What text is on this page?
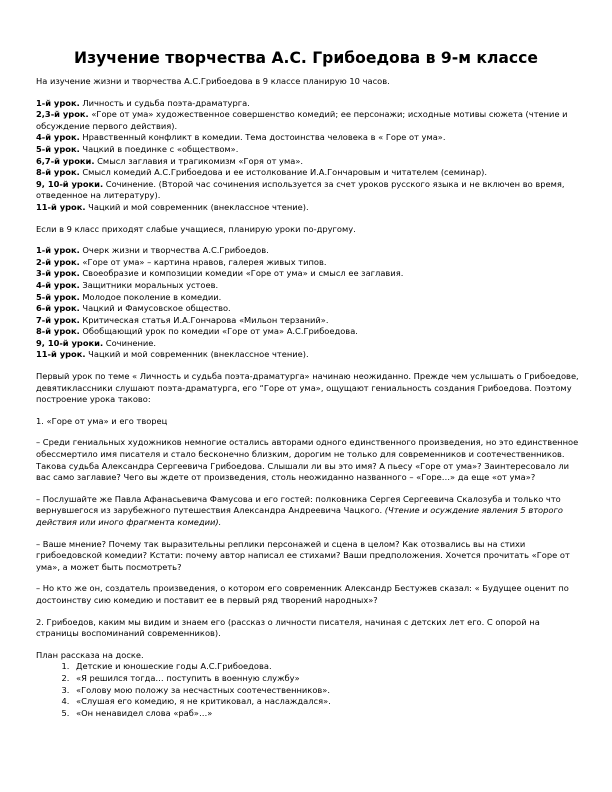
Изучение творчества А.С. Грибоедова в 9-м классе

На изучение жизни и творчества А.С.Грибоедова в 9 классе планирую 10 часов.

1-й урок. Личность и судьба поэта-драматурга.

2,3-й урок. «Горе от ума» художественное совершенство комедий; ее персонажи; исходные мотивы сюжета (чтение и обсуждение первого действия).

4-й урок. Нравственный конфликт в комедии. Тема достоинства человека в « Горе от ума».

5-й урок. Чацкий в поединке с «обществом».

6,7-й уроки. Смысл заглавия и трагикомизм «Горя от ума».

8-й урок. Смысл комедий А.С.Грибоедова и ее истолкование И.А.Гончаровым и читателем (семинар).

9, 10-й уроки. Сочинение. (Второй час сочинения используется за счет уроков русского языка и не включен во время, отведенное на литературу).

11-й урок. Чацкий и мой современник (внеклассное чтение).

Если в 9 класс приходят слабые учащиеся, планирую уроки по-другому.

1-й урок. Очерк жизни и творчества А.С.Грибоедов.

2-й урок. «Горе от ума» – картина нравов, галерея живых типов.

3-й урок. Своеобразие и композиции комедии «Горе от ума» и смысл ее заглавия.

4-й урок. Защитники моральных устоев.

5-й урок. Молодое поколение в комедии.

6-й урок. Чацкий и Фамусовское общество.

7-й урок. Критическая статья И.А.Гончарова «Мильон терзаний».

8-й урок. Обобщающий урок по комедии «Горе от ума» А.С.Грибоедова.

9, 10-й уроки. Сочинение.

11-й урок. Чацкий и мой современник (внеклассное чтение).

Первый урок по теме « Личность и судьба поэта-драматурга» начинаю неожиданно. Прежде чем услышать о Грибоедове, девятиклассники слушают поэта-драматурга, его “Горе от ума», ощущают гениальность создания Грибоедова. Поэтому построение урока таково:

1. «Горе от ума» и его творец

– Среди гениальных художников немногие остались авторами одного единственного произведения, но это единственное обессмертило имя писателя и стало бесконечно близким, дорогим не только для современников и соотечественников. Такова судьба Александра Сергеевича Грибоедова. Слышали ли вы это имя? А пьесу «Горе от ума»? Заинтересовало ли вас само заглавие? Чего вы ждете от произведения, столь неожиданно названного – «Горе…» да еще «от ума»?

– Послушайте же Павла Афанасьевича Фамусова и его гостей: полковника Сергея Сергеевича Скалозуба и только что вернувшегося из зарубежного путешествия Александра Андреевича Чацкого. (Чтение и осуждение явления 5 второго действия или иного фрагмента комедии).

– Ваше мнение? Почему так выразительны реплики персонажей и сцена в целом? Как отозвались вы на стихи грибоедовской комедии? Кстати: почему автор написал ее стихами? Ваши предположения. Хочется прочитать «Горе от ума», а может быть посмотреть?

– Но кто же он, создатель произведения, о котором его современник Александр Бестужев сказал: « Будущее оценит по достоинству сию комедию и поставит ее в первый ряд творений народных»?

2. Грибоедов, каким мы видим и знаем его (рассказ о личности писателя, начиная с детских лет его. С опорой на страницы воспоминаний современников).

План рассказа на доске.

1. Детские и юношеские годы А.С.Грибоедова.
2. «Я решился тогда… поступить в военную службу»
3. «Голову мою положу за несчастных соотечественников».
4. «Слушая его комедию, я не критиковал, а наслаждался».
5. «Он ненавидел слова «раб»…»
